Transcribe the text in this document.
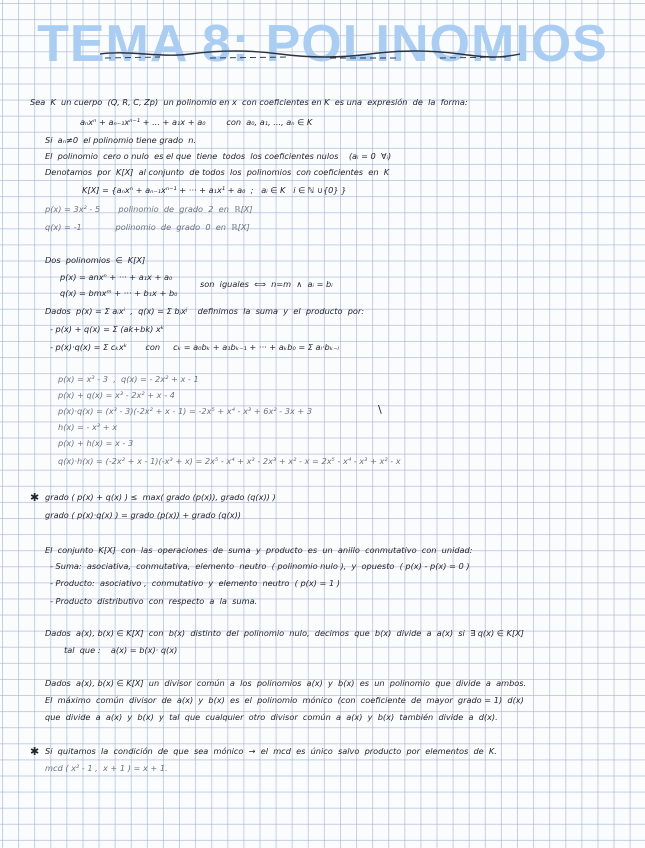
TEMA 8: POLINOMIOS
Sea  K  un cuerpo  (Q, R, C, Zp)  un polinomio en x  con coeficientes en K  es una  expresión  de  la  forma:
aₙxⁿ + aₙ₋₁xⁿ⁻¹ + ... + a₁x + a₀        con  a₀, a₁, ..., aₙ ∈ K
Si  aₙ≠0  el polinomio tiene grado  n.
El  polinomio  cero o nulo  es el que  tiene  todos  los coeficientes nulos    (aᵢ = 0  ∀ᵢ)
Denotamos  por  K[X]  al conjunto  de todos  los  polinomios  con coeficientes  en  K
K[X] = {aₙxⁿ + aₙ₋₁xⁿ⁻¹ + ··· + a₁x¹ + a₀  ;   aᵢ ∈ K   i ∈ ℕ ∪{0} }
p(x) = 3x² - 5       polinomio  de  grado  2  en  ℝ[X]
q(x) = -1             polinomio  de  grado  0  en  ℝ[X]
Dos  polinomios  ∈  K[X]
p(x) = anxⁿ + ··· + a₁x + a₀
son  iguales  ⟺  n=m  ∧  aᵢ = bᵢ
q(x) = bmxᵐ + ··· + b₁x + b₀
Dados  p(x) = Σ aᵢxⁱ  ,  q(x) = Σ bⱼxʲ    definimos  la  suma  y  el  producto  por:
- p(x) + q(x) = Σ (ak+bk) xᵏ
- p(x)·q(x) = Σ cₖxᵏ       con     cₖ = a₀bₖ + a₁bₖ₋₁ + ··· + aₖb₀ = Σ aₗ·bₖ₋ₗ
p(x) = x³ - 3  ,  q(x) = - 2x² + x - 1
p(x) + q(x) = x³ - 2x² + x - 4
p(x)·q(x) = (x³ - 3)(-2x² + x - 1) = -2x⁵ + x⁴ - x³ + 6x² - 3x + 3	\
h(x) = - x³ + x
p(x) + h(x) = x - 3
q(x)·h(x) = (-2x² + x - 1)(-x³ + x) = 2x⁵ - x⁴ + x³ - 2x³ + x² - x = 2x⁵ - x⁴ - x³ + x² - x
✱ grado ( p(x) + q(x) ) ≤  max( grado (p(x)), grado (q(x)) )
grado ( p(x)·q(x) ) = grado (p(x)) + grado (q(x))
El  conjunto  K[X]  con  las  operaciones  de  suma  y  producto  es  un  anillo  conmutativo  con  unidad:
- Suma:  asociativa,  conmutativa,  elemento  neutro  ( polinomio nulo ),  y  opuesto  ( p(x) - p(x) = 0 )
- Producto:  asociativo ,  conmutativo  y  elemento  neutro  ( p(x) = 1 )
- Producto  distributivo  con  respecto  a  la  suma.
Dados  a(x), b(x) ∈ K[X]  con  b(x)  distinto  del  polinomio  nulo,  decimos  que  b(x)  divide  a  a(x)  si  ∃ q(x) ∈ K[X]
tal  que :    a(x) = b(x)· q(x)
Dados  a(x), b(x) ∈ K[X]  un  divisor  común  a  los  polinomios  a(x)  y  b(x)  es  un  polinomio  que  divide  a  ambos.
El  máximo  común  divisor  de  a(x)  y  b(x)  es  el  polinomio  mónico  (con  coeficiente  de  mayor  grado = 1)  d(x)
que  divide  a  a(x)  y  b(x)  y  tal  que  cualquier  otro  divisor  común  a  a(x)  y  b(x)  también  divide  a  d(x).
✱ Si  quitamos  la  condición  de  que  sea  mónico  →  el  mcd  es  único  salvo  producto  por  elementos  de  K.
mcd ( x² - 1 ,  x + 1 ) = x + 1.
